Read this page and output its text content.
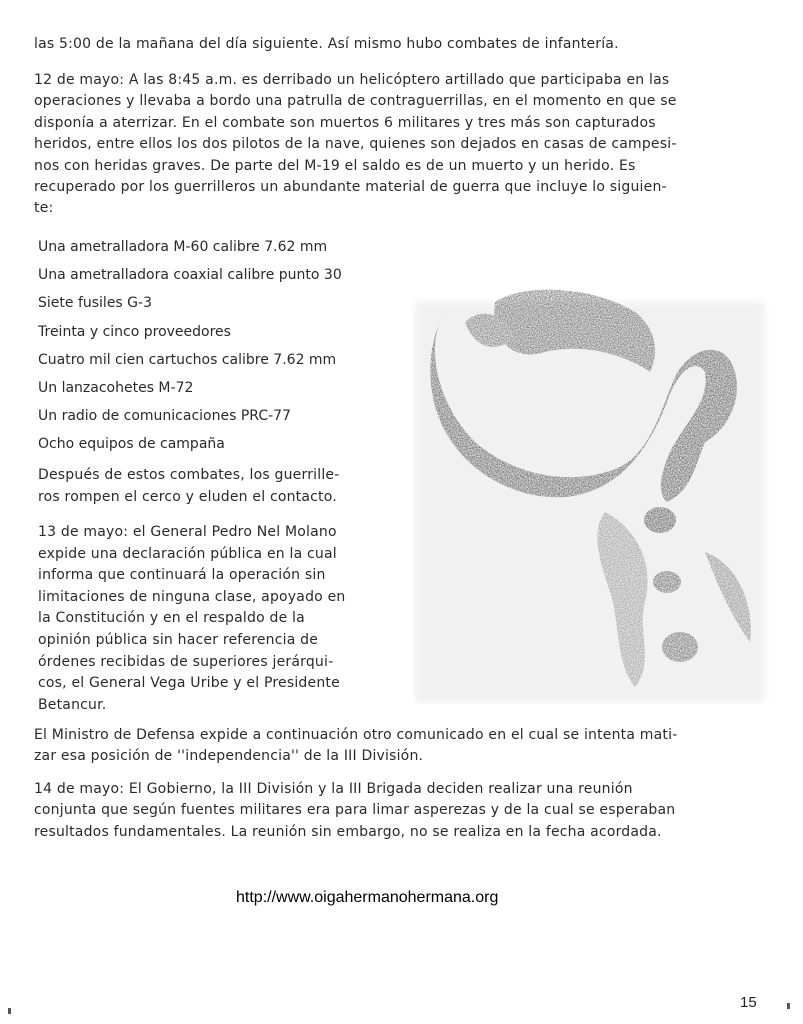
las 5:00 de la mañana del día siguiente. Así mismo hubo combates de infantería.

12 de mayo: A las 8:45 a.m. es derribado un helicóptero artillado que participaba en las
operaciones y llevaba a bordo una patrulla de contraguerrillas, en el momento en que se
disponía a aterrizar. En el combate son muertos 6 militares y tres más son capturados
heridos, entre ellos los dos pilotos de la nave, quienes son dejados en casas de campesi-
nos con heridas graves. De parte del M-19 el saldo es de un muerto y un herido. Es
recuperado por los guerrilleros un abundante material de guerra que incluye lo siguien-
te:

Una ametralladora M-60 calibre 7.62 mm
Una ametralladora coaxial calibre punto 30
Siete fusiles G-3
Treinta y cinco proveedores
Cuatro mil cien cartuchos calibre 7.62 mm
Un lanzacohetes M-72
Un radio de comunicaciones PRC-77
Ocho equipos de campaña

Después de estos combates, los guerrille-
ros rompen el cerco y eluden el contacto.

13 de mayo: el General Pedro Nel Molano
expide una declaración pública en la cual
informa que continuará la operación sin
limitaciones de ninguna clase, apoyado en
la Constitución y en el respaldo de la
opinión pública sin hacer referencia de
órdenes recibidas de superiores jerárqui-
cos, el General Vega Uribe y el Presidente
Betancur.

El Ministro de Defensa expide a continuación otro comunicado en el cual se intenta mati-
zar esa posición de ''independencia'' de la III División.

14 de mayo: El Gobierno, la III División y la III Brigada deciden realizar una reunión
conjunta que según fuentes militares era para limar asperezas y de la cual se esperaban
resultados fundamentales. La reunión sin embargo, no se realiza en la fecha acordada.

http://www.oigahermanohermana.org
15
